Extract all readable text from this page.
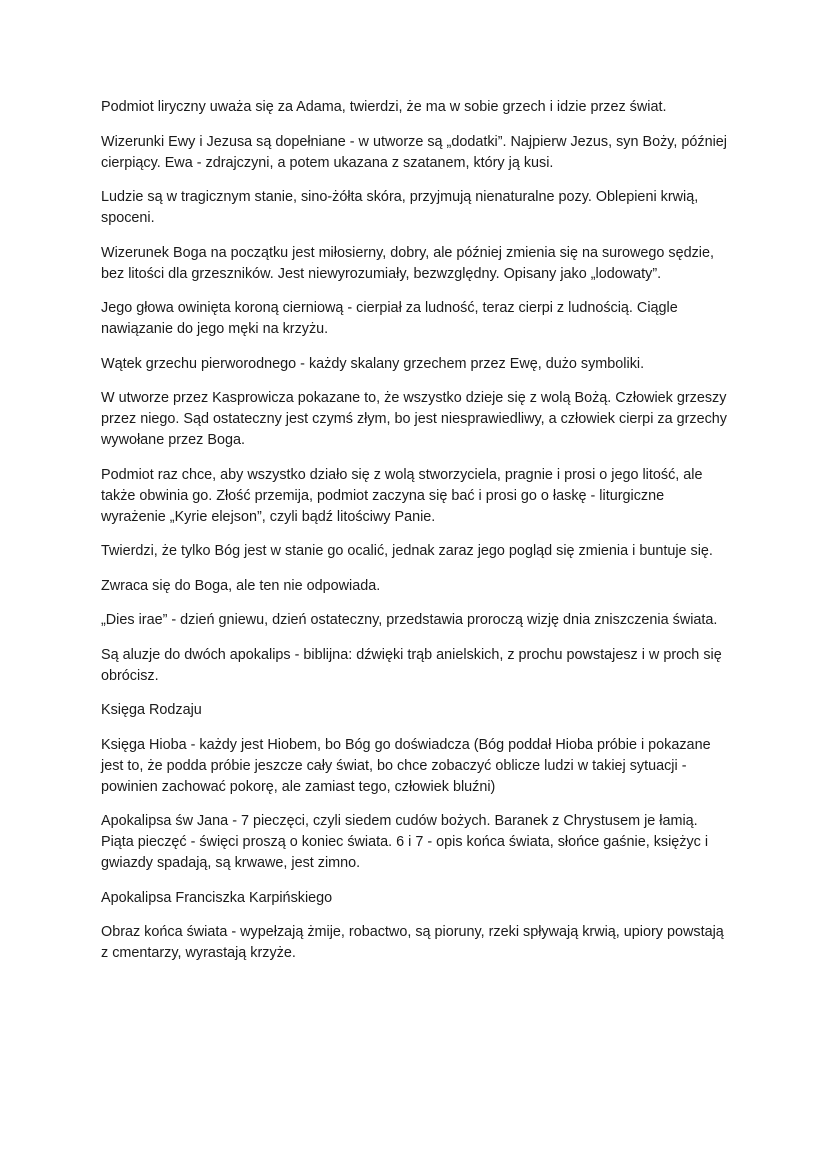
Podmiot liryczny uważa się za Adama, twierdzi, że ma w sobie grzech i idzie przez świat.

Wizerunki Ewy i Jezusa są dopełniane - w utworze są „dodatki”. Najpierw Jezus, syn Boży, później cierpiący. Ewa - zdrajczyni, a potem ukazana z szatanem, który ją kusi.

Ludzie są w tragicznym stanie, sino-żółta skóra, przyjmują nienaturalne pozy. Oblepieni krwią, spoceni.

Wizerunek Boga na początku jest miłosierny, dobry, ale później zmienia się na surowego sędzie, bez litości dla grzeszników. Jest niewyrozumiały, bezwzględny. Opisany jako „lodowaty”.

Jego głowa owinięta koroną cierniową - cierpiał za ludność, teraz cierpi z ludnością. Ciągle nawiązanie do jego męki na krzyżu.

Wątek grzechu pierworodnego - każdy skalany grzechem przez Ewę, dużo symboliki.

W utworze przez Kasprowicza pokazane to, że wszystko dzieje się z wolą Bożą. Człowiek grzeszy przez niego. Sąd ostateczny jest czymś złym, bo jest niesprawiedliwy, a człowiek cierpi za grzechy wywołane przez Boga.

Podmiot raz chce, aby wszystko działo się z wolą stworzyciela, pragnie i prosi o jego litość, ale także obwinia go. Złość przemija, podmiot zaczyna się bać i prosi go o łaskę - liturgiczne wyrażenie „Kyrie elejson”, czyli bądź litościwy Panie.

Twierdzi, że tylko Bóg jest w stanie go ocalić, jednak zaraz jego pogląd się zmienia i buntuje się.

Zwraca się do Boga, ale ten nie odpowiada.

„Dies irae” - dzień gniewu, dzień ostateczny, przedstawia proroczą wizję dnia zniszczenia świata.

Są aluzje do dwóch apokalips - biblijna: dźwięki trąb anielskich, z prochu powstajesz i w proch się obrócisz.

Księga Rodzaju

Księga Hioba - każdy jest Hiobem, bo Bóg go doświadcza (Bóg poddał Hioba próbie i pokazane jest to, że podda próbie jeszcze cały świat, bo chce zobaczyć oblicze ludzi w takiej sytuacji - powinien zachować pokorę, ale zamiast tego, człowiek bluźni)

Apokalipsa św Jana - 7 pieczęci, czyli siedem cudów bożych. Baranek z Chrystusem je łamią. Piąta pieczęć - święci proszą o koniec świata. 6 i 7 - opis końca świata, słońce gaśnie, księżyc i gwiazdy spadają, są krwawe, jest zimno.

Apokalipsa Franciszka Karpińskiego

Obraz końca świata - wypełzają żmije, robactwo, są pioruny, rzeki spływają krwią, upiory powstają z cmentarzy, wyrastają krzyże.
